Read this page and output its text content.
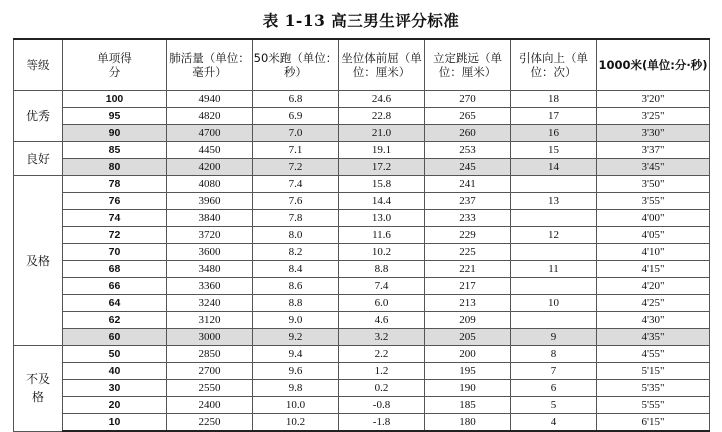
表 1-13 高三男生评分标准
等级	单项得分	肺活量（单位：毫升）	50米跑（单位：秒）	坐位体前屈（单位：厘米）	立定跳远（单位：厘米）	引体向上（单位：次）	1000米(单位:分·秒)
优秀	100	4940	6.8	24.6	270	18	3'20"
	95	4820	6.9	22.8	265	17	3'25"
	90	4700	7.0	21.0	260	16	3'30"
良好	85	4450	7.1	19.1	253	15	3'37"
	80	4200	7.2	17.2	245	14	3'45"
及格	78	4080	7.4	15.8	241		3'50"
	76	3960	7.6	14.4	237	13	3'55"
	74	3840	7.8	13.0	233		4'00"
	72	3720	8.0	11.6	229	12	4'05"
	70	3600	8.2	10.2	225		4'10"
	68	3480	8.4	8.8	221	11	4'15"
	66	3360	8.6	7.4	217		4'20"
	64	3240	8.8	6.0	213	10	4'25"
	62	3120	9.0	4.6	209		4'30"
	60	3000	9.2	3.2	205	9	4'35"
不及格	50	2850	9.4	2.2	200	8	4'55"
	40	2700	9.6	1.2	195	7	5'15"
	30	2550	9.8	0.2	190	6	5'35"
	20	2400	10.0	-0.8	185	5	5'55"
	10	2250	10.2	-1.8	180	4	6'15"
